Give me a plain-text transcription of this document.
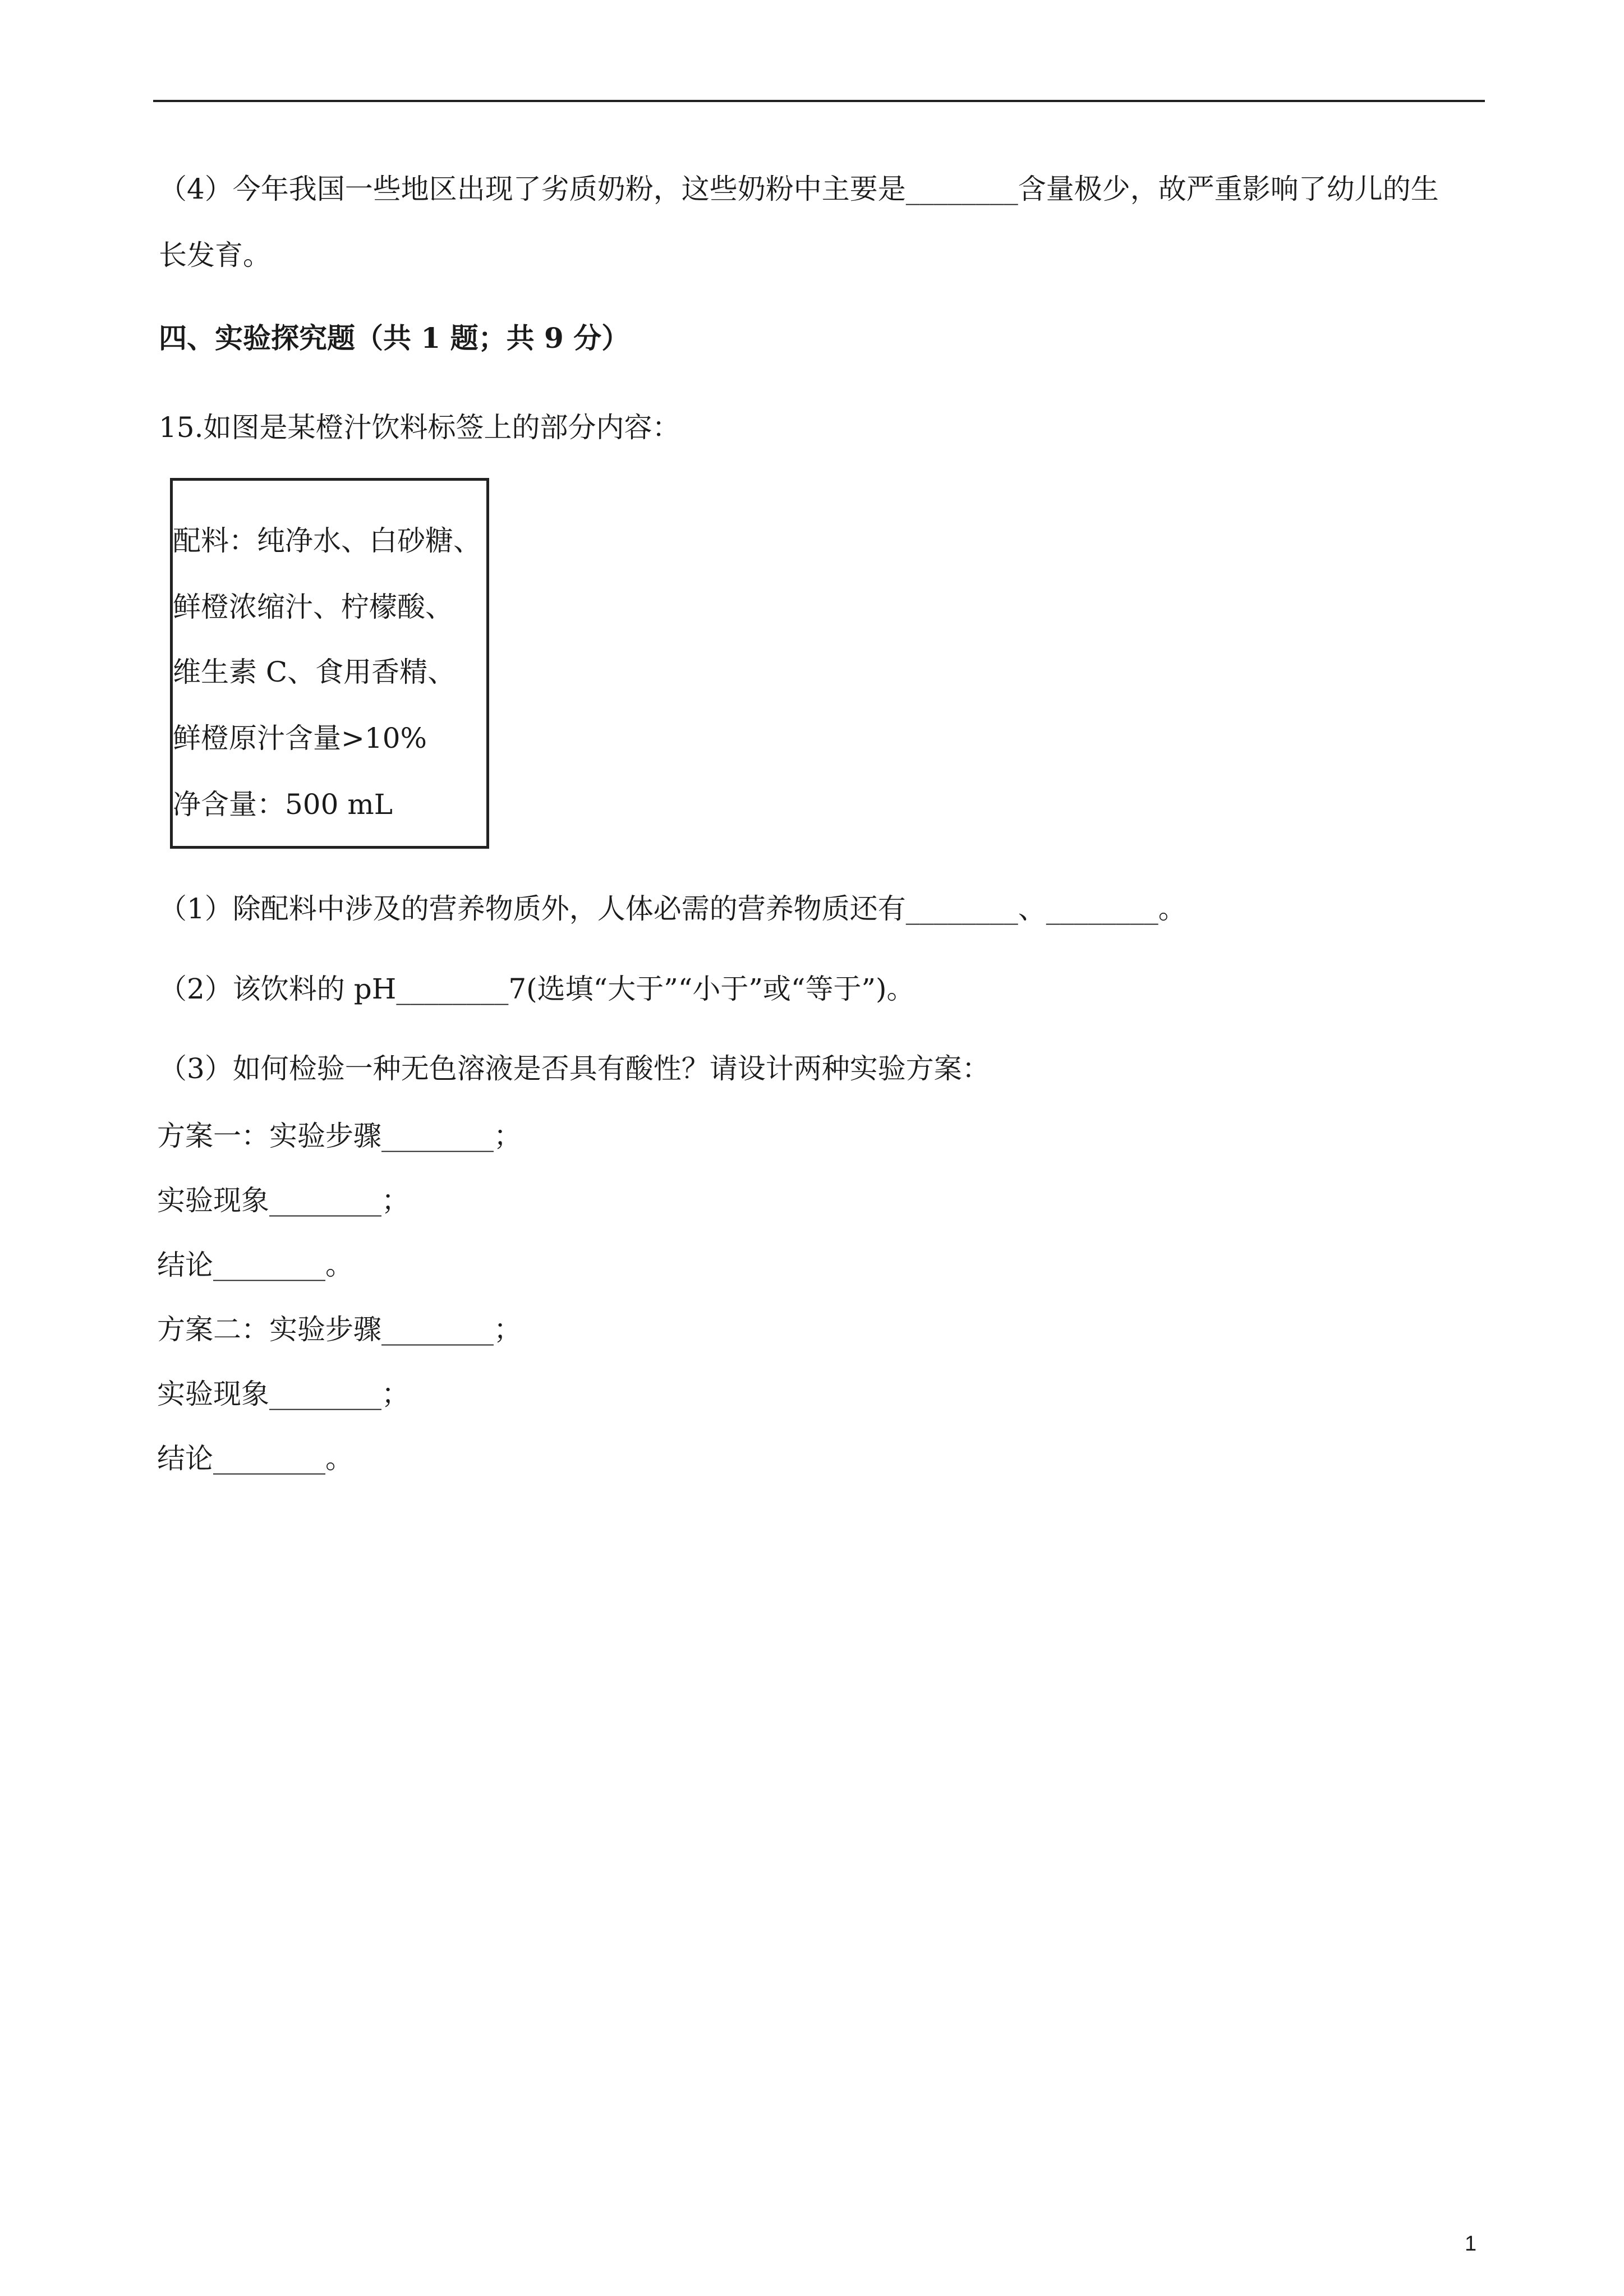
（4）今年我国一些地区出现了劣质奶粉，这些奶粉中主要是________含量极少，故严重影响了幼儿的生
长发育。
四、实验探究题（共 1 题；共 9 分）
15.如图是某橙汁饮料标签上的部分内容：
配料：纯净水、白砂糖、
鲜橙浓缩汁、柠檬酸、
维生素 C、食用香精、
鲜橙原汁含量>10%
净含量：500 mL
（1）除配料中涉及的营养物质外，人体必需的营养物质还有________、________。
（2）该饮料的 pH________7(选填“大于”“小于”或“等于”)。
（3）如何检验一种无色溶液是否具有酸性？请设计两种实验方案：
方案一：实验步骤________；
实验现象________；
结论________。
方案二：实验步骤________；
实验现象________；
结论________。
1
